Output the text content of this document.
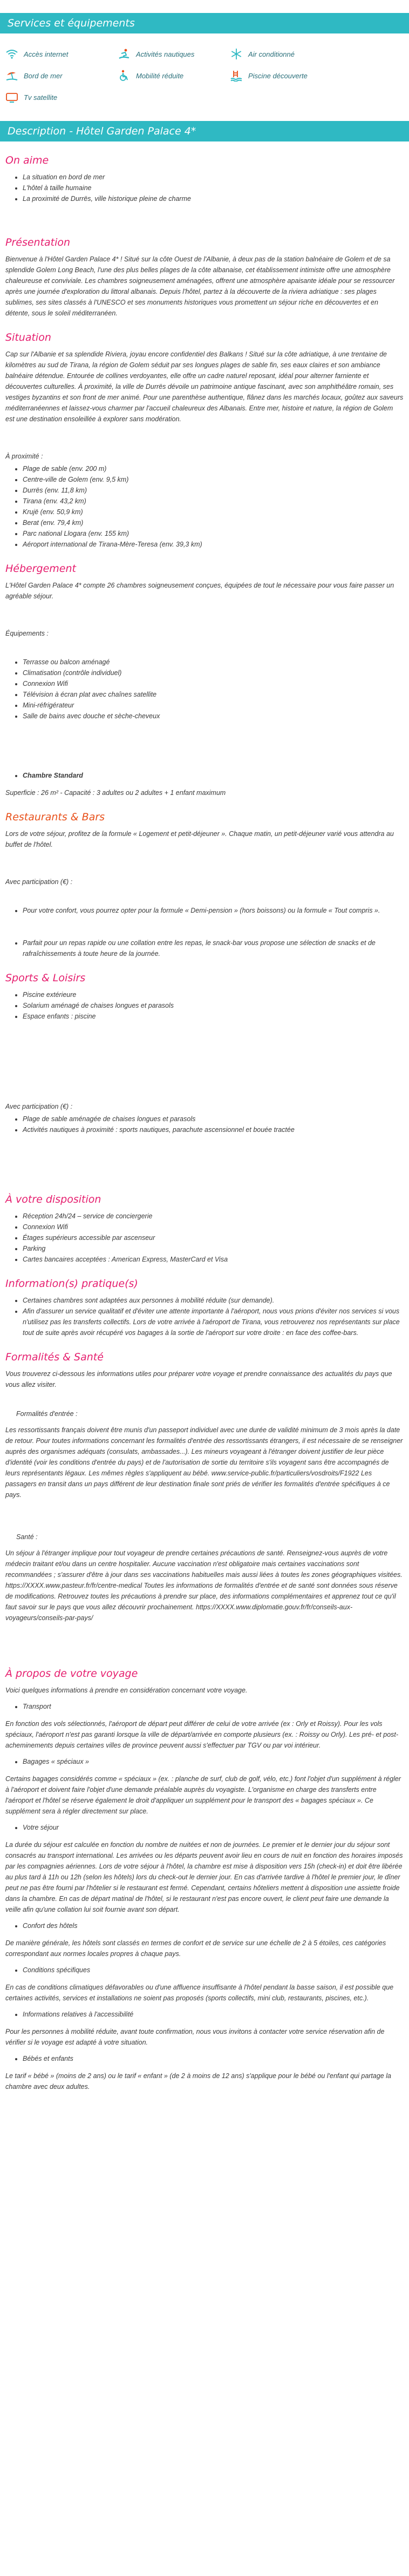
Services et équipements
Accès internet	Activités nautiques	Air conditionné
Bord de mer	Mobilité réduite	Piscine découverte
Tv satellite
Description - Hôtel Garden Palace 4*
On aime
• La situation en bord de mer
• L'hôtel à taille humaine
• La proximité de Durrës, ville historique pleine de charme
Présentation

Bienvenue à l'Hôtel Garden Palace 4* ! Situé sur la côte Ouest de l'Albanie, à deux pas de la station balnéaire de Golem et de sa splendide Golem Long Beach, l'une des plus belles plages de la côte albanaise, cet établissement intimiste offre une atmosphère chaleureuse et conviviale. Les chambres soigneusement aménagées, offrent une atmosphère apaisante idéale pour se ressourcer après une journée d'exploration du littoral albanais. Depuis l'hôtel, partez à la découverte de la riviera adriatique : ses plages sublimes, ses sites classés à l'UNESCO et ses monuments historiques vous promettent un séjour riche en découvertes et en détente, sous le soleil méditerranéen.

Situation

Cap sur l'Albanie et sa splendide Riviera, joyau encore confidentiel des Balkans ! Situé sur la côte adriatique, à une trentaine de kilomètres au sud de Tirana, la région de Golem séduit par ses longues plages de sable fin, ses eaux claires et son ambiance balnéaire détendue. Entourée de collines verdoyantes, elle offre un cadre naturel reposant, idéal pour alterner farniente et découvertes culturelles. À proximité, la ville de Durrës dévoile un patrimoine antique fascinant, avec son amphithéâtre romain, ses vestiges byzantins et son front de mer animé. Pour une parenthèse authentique, flânez dans les marchés locaux, goûtez aux saveurs méditerranéennes et laissez-vous charmer par l'accueil chaleureux des Albanais. Entre mer, histoire et nature, la région de Golem est une destination ensoleillée à explorer sans modération.

À proximité :
• Plage de sable (env. 200 m)
• Centre-ville de Golem (env. 9,5 km)
• Durrës (env. 11,8 km)
• Tirana (env. 43,2 km)
• Krujë (env. 50,9 km)
• Berat (env. 79,4 km)
• Parc national Llogara (env. 155 km)
• Aéroport international de Tirana-Mère-Teresa (env. 39,3 km)
Hébergement

L'Hôtel Garden Palace 4* compte 26 chambres soigneusement conçues, équipées de tout le nécessaire pour vous faire passer un agréable séjour.

Équipements :
• Terrasse ou balcon aménagé
• Climatisation (contrôle individuel)
• Connexion Wifi
• Télévision à écran plat avec chaînes satellite
• Mini-réfrigérateur
• Salle de bains avec douche et sèche-cheveux
• Chambre Standard

Superficie : 26 m² - Capacité : 3 adultes ou 2 adultes + 1 enfant maximum

Restaurants & Bars

Lors de votre séjour, profitez de la formule « Logement et petit-déjeuner ». Chaque matin, un petit-déjeuner varié vous attendra au buffet de l'hôtel.

Avec participation (€) :
• Pour votre confort, vous pourrez opter pour la formule « Demi-pension » (hors boissons) ou la formule « Tout compris ».
• Parfait pour un repas rapide ou une collation entre les repas, le snack-bar vous propose une sélection de snacks et de rafraîchissements à toute heure de la journée.
Sports & Loisirs
• Piscine extérieure
• Solarium aménagé de chaises longues et parasols
• Espace enfants : piscine
Avec participation (€) :
• Plage de sable aménagée de chaises longues et parasols
• Activités nautiques à proximité : sports nautiques, parachute ascensionnel et bouée tractée
À votre disposition
• Réception 24h/24 – service de conciergerie
• Connexion Wifi
• Étages supérieurs accessible par ascenseur
• Parking
• Cartes bancaires acceptées : American Express, MasterCard et Visa
Information(s) pratique(s)
• Certaines chambres sont adaptées aux personnes à mobilité réduite (sur demande).
• Afin d'assurer un service qualitatif et d'éviter une attente importante à l'aéroport, nous vous prions d'éviter nos services si vous n'utilisez pas les transferts collectifs. Lors de votre arrivée à l'aéroport de Tirana, vous retrouverez nos représentants sur place tout de suite après avoir récupéré vos bagages à la sortie de l'aéroport sur votre droite : en face des coffee-bars.
Formalités & Santé

Vous trouverez ci-dessous les informations utiles pour préparer votre voyage et prendre connaissance des actualités du pays que vous allez visiter.

Formalités d'entrée :

Les ressortissants français doivent être munis d'un passeport individuel avec une durée de validité minimum de 3 mois après la date de retour. Pour toutes informations concernant les formalités d'entrée des ressortissants étrangers, il est nécessaire de se renseigner auprès des organismes adéquats (consulats, ambassades...). Les mineurs voyageant à l'étranger doivent justifier de leur pièce d'identité (voir les conditions d'entrée du pays) et de l'autorisation de sortie du territoire s'ils voyagent sans être accompagnés de leurs représentants légaux. Les mêmes règles s'appliquent au bébé. www.service-public.fr/particuliers/vosdroits/F1922 Les passagers en transit dans un pays différent de leur destination finale sont priés de vérifier les formalités d'entrée spécifiques à ce pays.

Santé :

Un séjour à l'étranger implique pour tout voyageur de prendre certaines précautions de santé. Renseignez-vous auprès de votre médecin traitant et/ou dans un centre hospitalier. Aucune vaccination n'est obligatoire mais certaines vaccinations sont recommandées ; s'assurer d'être à jour dans ses vaccinations habituelles mais aussi liées à toutes les zones géographiques visitées. https://XXXX.www.pasteur.fr/fr/centre-medical Toutes les informations de formalités d'entrée et de santé sont données sous réserve de modifications. Retrouvez toutes les précautions à prendre sur place, des informations complémentaires et apprenez tout ce qu'il faut savoir sur le pays que vous allez découvrir prochainement. https://XXXX.www.diplomatie.gouv.fr/fr/conseils-aux-voyageurs/conseils-par-pays/

À propos de votre voyage

Voici quelques informations à prendre en considération concernant votre voyage.

• Transport

En fonction des vols sélectionnés, l'aéroport de départ peut différer de celui de votre arrivée (ex : Orly et Roissy). Pour les vols spéciaux, l'aéroport n'est pas garanti lorsque la ville de départ/arrivée en comporte plusieurs (ex. : Roissy ou Orly). Les pré- et post- acheminements depuis certaines villes de province peuvent aussi s'effectuer par TGV ou par voi intérieur.

• Bagages « spéciaux »

Certains bagages considérés comme « spéciaux » (ex. : planche de surf, club de golf, vélo, etc.) font l'objet d'un supplément à régler à l'aéroport et doivent faire l'objet d'une demande préalable auprès du voyagiste. L'organisme en charge des transferts entre l'aéroport et l'hôtel se réserve également le droit d'appliquer un supplément pour le transport des « bagages spéciaux ». Ce supplément sera à régler directement sur place.

• Votre séjour

La durée du séjour est calculée en fonction du nombre de nuitées et non de journées. Le premier et le dernier jour du séjour sont consacrés au transport international. Les arrivées ou les départs peuvent avoir lieu en cours de nuit en fonction des horaires imposés par les compagnies aériennes. Lors de votre séjour à l'hôtel, la chambre est mise à disposition vers 15h (check-in) et doit être libérée au plus tard à 11h ou 12h (selon les hôtels) lors du check-out le dernier jour. En cas d'arrivée tardive à l'hôtel le premier jour, le dîner peut ne pas être fourni par l'hôtelier si le restaurant est fermé. Cependant, certains hôteliers mettent à disposition une assiette froide dans la chambre. En cas de départ matinal de l'hôtel, si le restaurant n'est pas encore ouvert, le client peut faire une demande la veille afin qu'une collation lui soit fournie avant son départ.

• Confort des hôtels

De manière générale, les hôtels sont classés en termes de confort et de service sur une échelle de 2 à 5 étoiles, ces catégories correspondant aux normes locales propres à chaque pays.

• Conditions spécifiques

En cas de conditions climatiques défavorables ou d'une affluence insuffisante à l'hôtel pendant la basse saison, il est possible que certaines activités, services et installations ne soient pas proposés (sports collectifs, mini club, restaurants, piscines, etc.).

• Informations relatives à l'accessibilité

Pour les personnes à mobilité réduite, avant toute confirmation, nous vous invitons à contacter votre service réservation afin de vérifier si le voyage est adapté à votre situation.

• Bébés et enfants

Le tarif « bébé » (moins de 2 ans) ou le tarif « enfant » (de 2 à moins de 12 ans) s'applique pour le bébé ou l'enfant qui partage la chambre avec deux adultes.
